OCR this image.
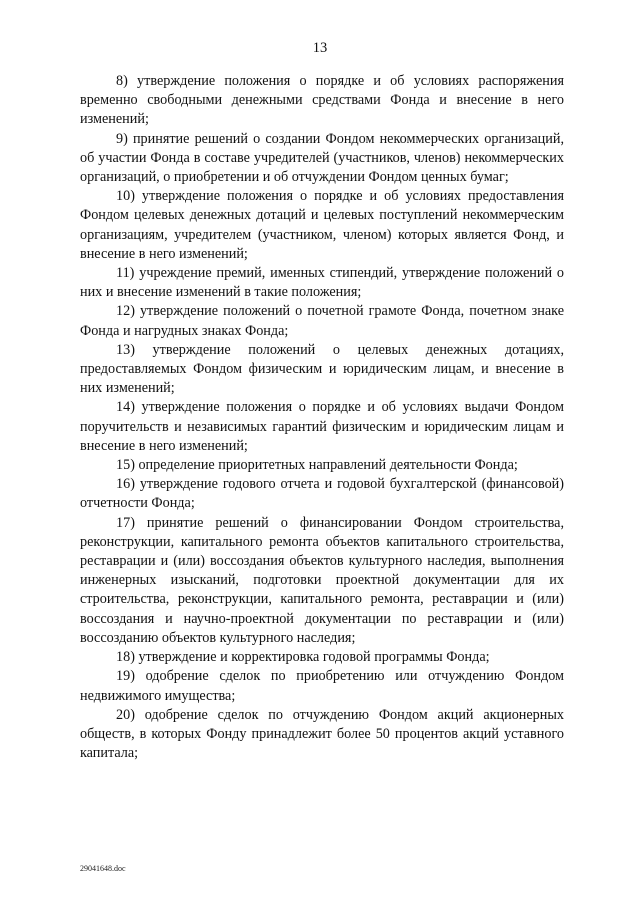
13

8) утверждение положения о порядке и об условиях распоряжения временно свободными денежными средствами Фонда и внесение в него изменений;

9) принятие решений о создании Фондом некоммерческих организаций, об участии Фонда в составе учредителей (участников, членов) некоммерческих организаций, о приобретении и об отчуждении Фондом ценных бумаг;

10) утверждение положения о порядке и об условиях предоставления Фондом целевых денежных дотаций и целевых поступлений некоммерческим организациям, учредителем (участником, членом) которых является Фонд, и внесение в него изменений;

11) учреждение премий, именных стипендий, утверждение положений о них и внесение изменений в такие положения;

12) утверждение положений о почетной грамоте Фонда, почетном знаке Фонда и нагрудных знаках Фонда;

13) утверждение положений о целевых денежных дотациях, предоставляемых Фондом физическим и юридическим лицам, и внесение в них изменений;

14) утверждение положения о порядке и об условиях выдачи Фондом поручительств и независимых гарантий физическим и юридическим лицам и внесение в него изменений;

15) определение приоритетных направлений деятельности Фонда;

16) утверждение годового отчета и годовой бухгалтерской (финансовой) отчетности Фонда;

17) принятие решений о финансировании Фондом строительства, реконструкции, капитального ремонта объектов капитального строительства, реставрации и (или) воссоздания объектов культурного наследия, выполнения инженерных изысканий, подготовки проектной документации для их строительства, реконструкции, капитального ремонта, реставрации и (или) воссоздания и научно-проектной документации по реставрации и (или) воссозданию объектов культурного наследия;

18) утверждение и корректировка годовой программы Фонда;

19) одобрение сделок по приобретению или отчуждению Фондом недвижимого имущества;

20) одобрение сделок по отчуждению Фондом акций акционерных обществ, в которых Фонду принадлежит более 50 процентов акций уставного капитала;

29041648.doc
